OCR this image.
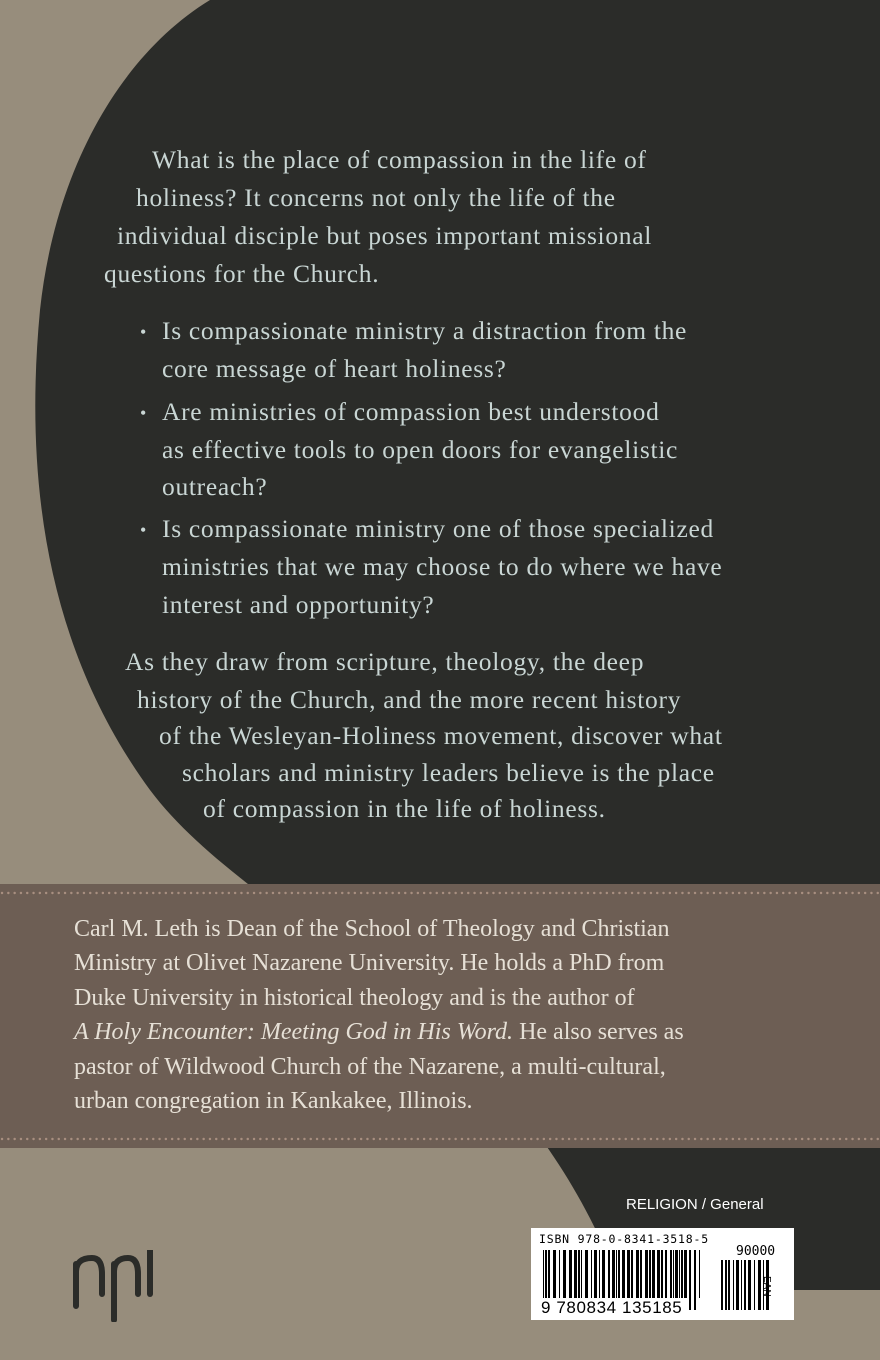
What is the place of compassion in the life of
holiness? It concerns not only the life of the
individual disciple but poses important missional
questions for the Church.
• Is compassionate ministry a distraction from the
core message of heart holiness?
• Are ministries of compassion best understood
as effective tools to open doors for evangelistic
outreach?
• Is compassionate ministry one of those specialized
ministries that we may choose to do where we have
interest and opportunity?
As they draw from scripture, theology, the deep
history of the Church, and the more recent history
of the Wesleyan-Holiness movement, discover what
scholars and ministry leaders believe is the place
of compassion in the life of holiness.
Carl M. Leth is Dean of the School of Theology and Christian
Ministry at Olivet Nazarene University. He holds a PhD from
Duke University in historical theology and is the author of
A Holy Encounter: Meeting God in His Word. He also serves as
pastor of Wildwood Church of the Nazarene, a multi-cultural,
urban congregation in Kankakee, Illinois.
RELIGION / General
ISBN 978-0-8341-3518-5
90000
9 780834 135185
EAN
